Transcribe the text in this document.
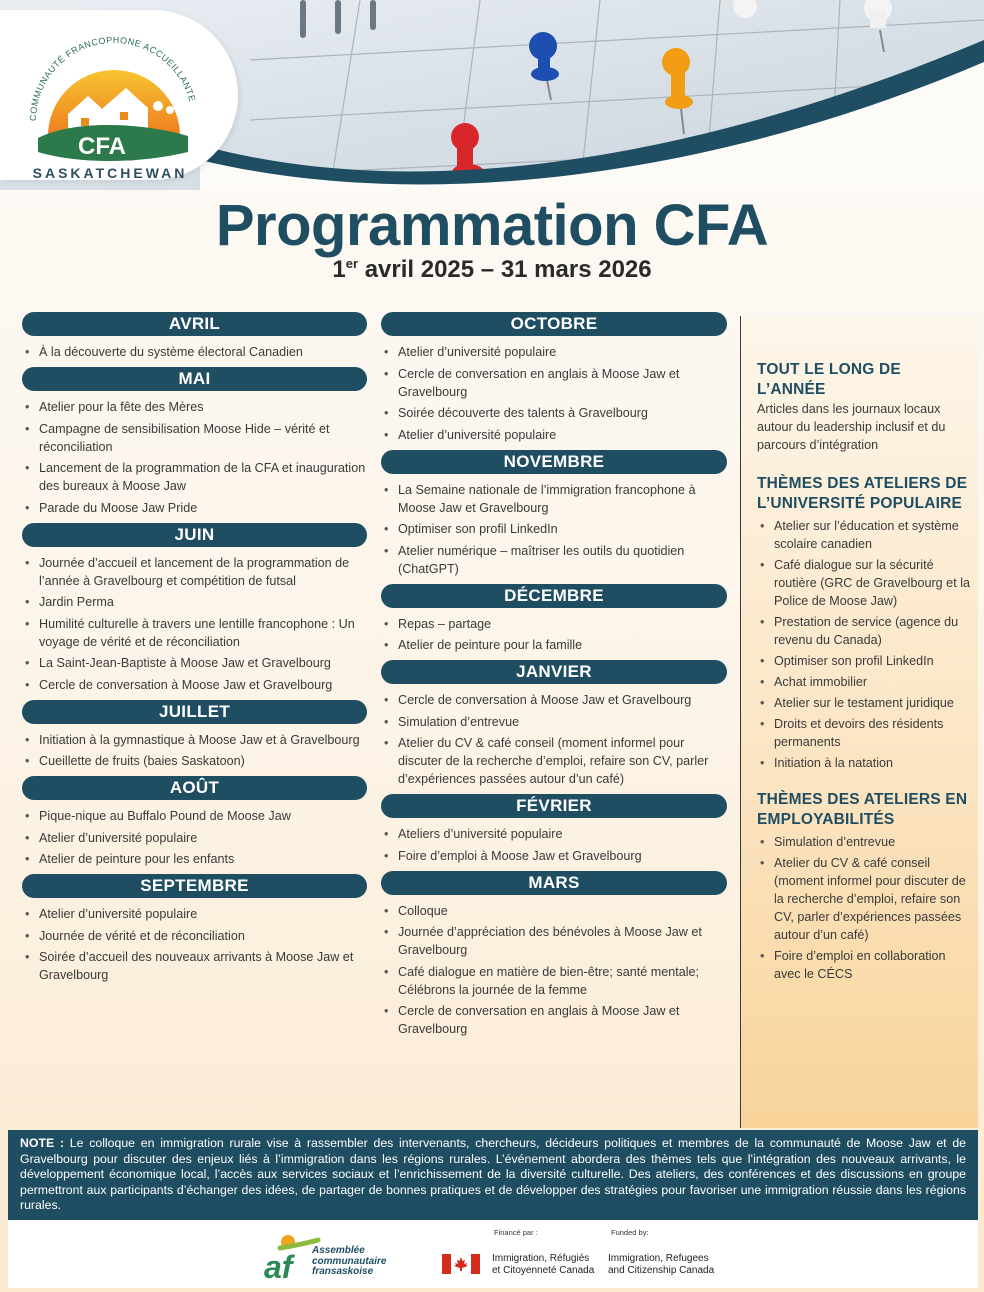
COMMUNAUTÉ FRANCOPHONE ACCUEILLANTE
CFA
SASKATCHEWAN
Programmation CFA
1er avril 2025 – 31 mars 2026
AVRIL
• À la découverte du système électoral Canadien
MAI
• Atelier pour la fête des Mères
• Campagne de sensibilisation Moose Hide – vérité et réconciliation
• Lancement de la programmation de la CFA et inauguration des bureaux à Moose Jaw
• Parade du Moose Jaw Pride
JUIN
• Journée d’accueil et lancement de la programmation de l’année à Gravelbourg et compétition de futsal
• Jardin Perma
• Humilité culturelle à travers une lentille francophone : Un voyage de vérité et de réconciliation
• La Saint-Jean-Baptiste à Moose Jaw et Gravelbourg
• Cercle de conversation à Moose Jaw et Gravelbourg
JUILLET
• Initiation à la gymnastique à Moose Jaw et à Gravelbourg
• Cueillette de fruits (baies Saskatoon)
AOÛT
• Pique-nique au Buffalo Pound de Moose Jaw
• Atelier d’université populaire
• Atelier de peinture pour les enfants
SEPTEMBRE
• Atelier d’université populaire
• Journée de vérité et de réconciliation
• Soirée d’accueil des nouveaux arrivants à Moose Jaw et Gravelbourg
OCTOBRE
• Atelier d’université populaire
• Cercle de conversation en anglais à Moose Jaw et Gravelbourg
• Soirée découverte des talents à Gravelbourg
• Atelier d’université populaire
NOVEMBRE
• La Semaine nationale de l’immigration francophone à Moose Jaw et Gravelbourg
• Optimiser son profil LinkedIn
• Atelier numérique – maîtriser les outils du quotidien (ChatGPT)
DÉCEMBRE
• Repas – partage
• Atelier de peinture pour la famille
JANVIER
• Cercle de conversation à Moose Jaw et Gravelbourg
• Simulation d’entrevue
• Atelier du CV & café conseil (moment informel pour discuter de la recherche d’emploi, refaire son CV, parler d’expériences passées autour d’un café)
FÉVRIER
• Ateliers d’université populaire
• Foire d’emploi à Moose Jaw et Gravelbourg
MARS
• Colloque
• Journée d’appréciation des bénévoles à Moose Jaw et Gravelbourg
• Café dialogue en matière de bien-être; santé mentale; Célébrons la journée de la femme
• Cercle de conversation en anglais à Moose Jaw et Gravelbourg
TOUT LE LONG DE L’ANNÉE

Articles dans les journaux locaux autour du leadership inclusif et du parcours d’intégration

THÈMES DES ATELIERS DE L’UNIVERSITÉ POPULAIRE
• Atelier sur l’éducation et système scolaire canadien
• Café dialogue sur la sécurité routière (GRC de Gravelbourg et la Police de Moose Jaw)
• Prestation de service (agence du revenu du Canada)
• Optimiser son profil LinkedIn
• Achat immobilier
• Atelier sur le testament juridique
• Droits et devoirs des résidents permanents
• Initiation à la natation
THÈMES DES ATELIERS EN EMPLOYABILITÉS
• Simulation d’entrevue
• Atelier du CV & café conseil (moment informel pour discuter de la recherche d’emploi, refaire son CV, parler d’expériences passées autour d’un café)
• Foire d’emploi en collaboration avec le CÉCS
NOTE : Le colloque en immigration rurale vise à rassembler des intervenants, chercheurs, décideurs politiques et membres de la communauté de Moose Jaw et de Gravelbourg pour discuter des enjeux liés à l’immigration dans les régions rurales. L’événement abordera des thèmes tels que l’intégration des nouveaux arrivants, le développement économique local, l’accès aux services sociaux et l’enrichissement de la diversité culturelle. Des ateliers, des conférences et des discussions en groupe permettront aux participants d’échanger des idées, de partager de bonnes pratiques et de développer des stratégies pour favoriser une immigration réussie dans les régions rurales.
af	Assemblée
communautaire
fransaskoise
Financé par :	Funded by:
Immigration, Réfugiés
et Citoyenneté Canada
Immigration, Refugees
and Citizenship Canada
